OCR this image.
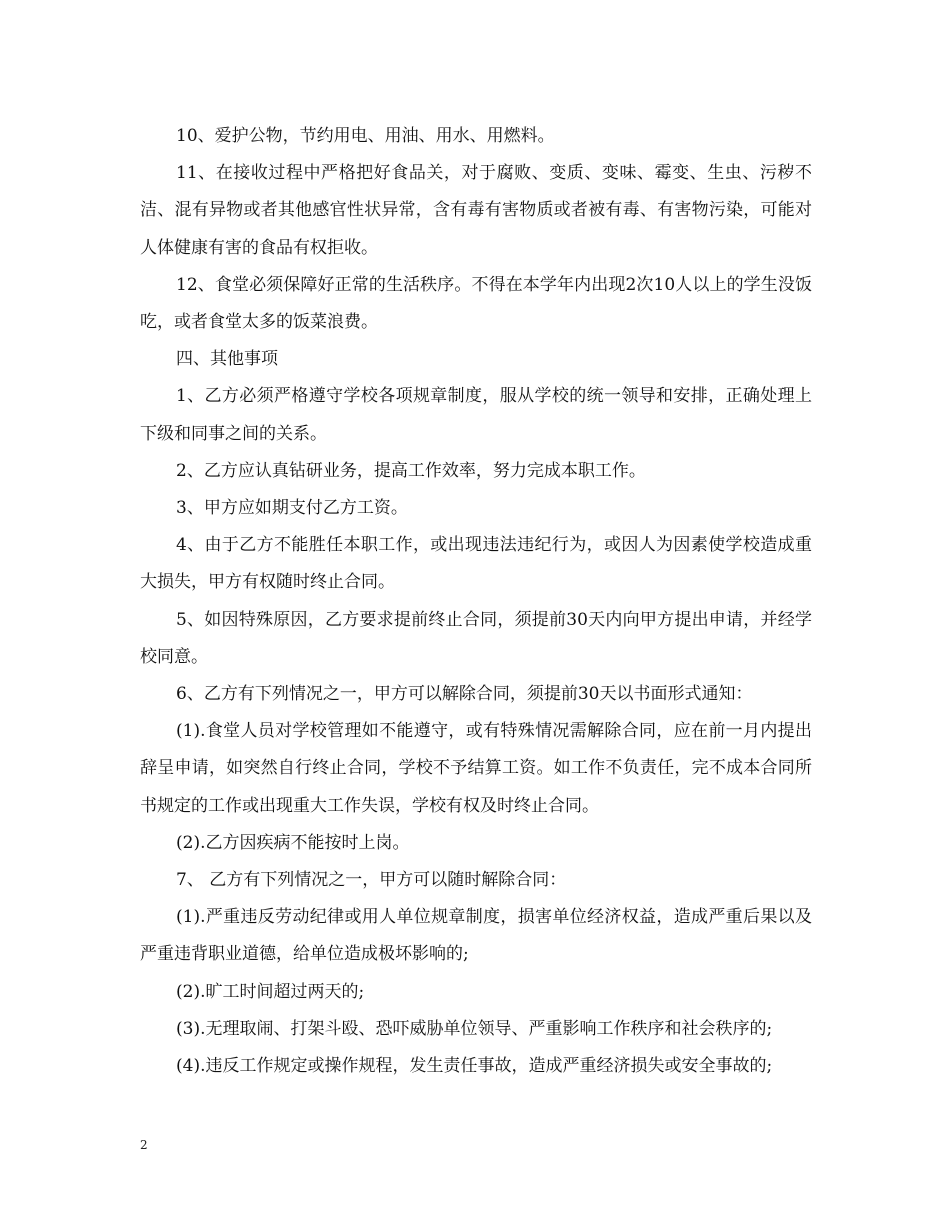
10、爱护公物，节约用电、用油、用水、用燃料。

11、在接收过程中严格把好食品关，对于腐败、变质、变味、霉变、生虫、污秽不洁、混有异物或者其他感官性状异常，含有毒有害物质或者被有毒、有害物污染，可能对人体健康有害的食品有权拒收。

12、食堂必须保障好正常的生活秩序。不得在本学年内出现2次10人以上的学生没饭吃，或者食堂太多的饭菜浪费。

四、其他事项

1、乙方必须严格遵守学校各项规章制度，服从学校的统一领导和安排，正确处理上下级和同事之间的关系。

2、乙方应认真钻研业务，提高工作效率，努力完成本职工作。

3、甲方应如期支付乙方工资。

4、由于乙方不能胜任本职工作，或出现违法违纪行为，或因人为因素使学校造成重大损失，甲方有权随时终止合同。

5、如因特殊原因，乙方要求提前终止合同，须提前30天内向甲方提出申请，并经学校同意。

6、乙方有下列情况之一，甲方可以解除合同，须提前30天以书面形式通知：

(1).食堂人员对学校管理如不能遵守，或有特殊情况需解除合同，应在前一月内提出辞呈申请，如突然自行终止合同，学校不予结算工资。如工作不负责任，完不成本合同所书规定的工作或出现重大工作失误，学校有权及时终止合同。

(2).乙方因疾病不能按时上岗。

7、 乙方有下列情况之一，甲方可以随时解除合同：

(1).严重违反劳动纪律或用人单位规章制度，损害单位经济权益，造成严重后果以及严重违背职业道德，给单位造成极坏影响的;

(2).旷工时间超过两天的;

(3).无理取闹、打架斗殴、恐吓威胁单位领导、严重影响工作秩序和社会秩序的;

(4).违反工作规定或操作规程，发生责任事故，造成严重经济损失或安全事故的;

2
